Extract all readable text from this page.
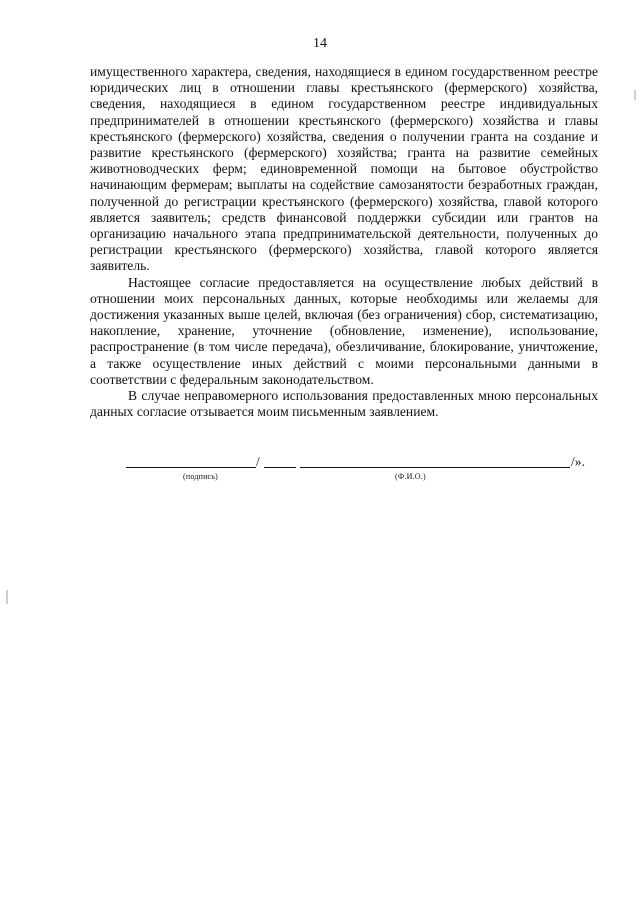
14

имущественного характера, сведения, находящиеся в едином государственном реестре юридических лиц в отношении главы крестьянского (фермерского) хозяйства, сведения, находящиеся в едином государственном реестре индивидуальных предпринимателей в отношении крестьянского (фермерского) хозяйства и главы крестьянского (фермерского) хозяйства, сведения о получении гранта на создание и развитие крестьянского (фермерского) хозяйства; гранта на развитие семейных животноводческих ферм; единовременной помощи на бытовое обустройство начинающим фермерам; выплаты на содействие самозанятости безработных граждан, полученной до регистрации крестьянского (фермерского) хозяйства, главой которого является заявитель; средств финансовой поддержки субсидии или грантов на организацию начального этапа предпринимательской деятельности, полученных до регистрации крестьянского (фермерского) хозяйства, главой которого является заявитель.

Настоящее согласие предоставляется на осуществление любых действий в отношении моих персональных данных, которые необходимы или желаемы для достижения указанных выше целей, включая (без ограничения) сбор, систематизацию, накопление, хранение, уточнение (обновление, изменение), использование, распространение (в том числе передача), обезличивание, блокирование, уничтожение, а также осуществление иных действий с моими персональными данными в соответствии с федеральным законодательством.

В случае неправомерного использования предоставленных мною персональных данных согласие отзывается моим письменным заявлением.

/	/».
(подпись)	(Ф.И.О.)
